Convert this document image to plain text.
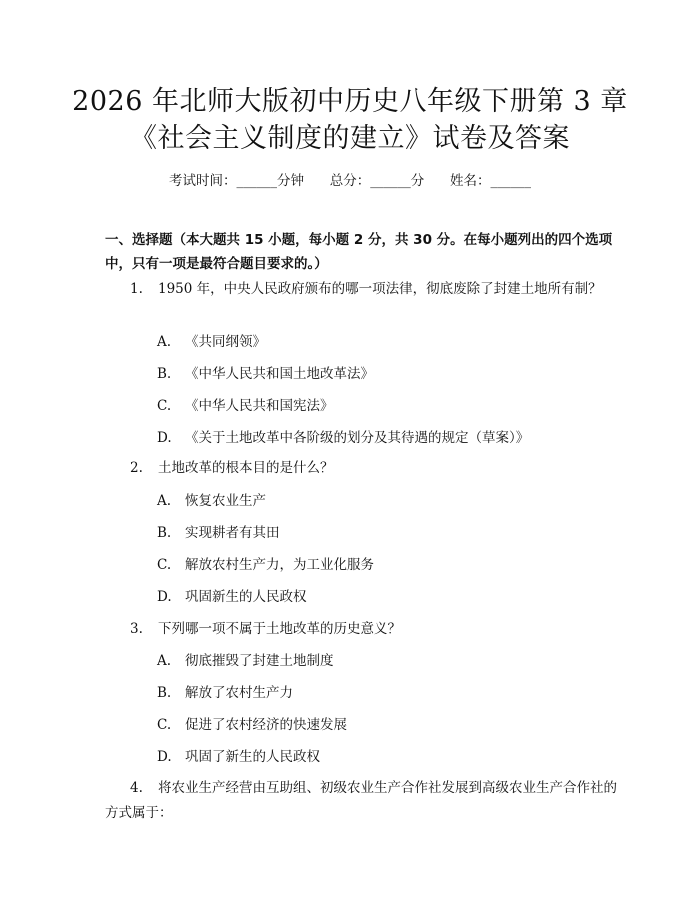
2026 年北师大版初中历史八年级下册第 3 章
《社会主义制度的建立》试卷及答案
考试时间：______分钟      总分：______分      姓名：______
一、选择题（本大题共 15 小题，每小题 2 分，共 30 分。在每小题列出的四个选项中，只有一项是最符合题目要求的。）
1. 1950 年，中央人民政府颁布的哪一项法律，彻底废除了封建土地所有制？
A. 《共同纲领》
B. 《中华人民共和国土地改革法》
C. 《中华人民共和国宪法》
D. 《关于土地改革中各阶级的划分及其待遇的规定（草案）》
2. 土地改革的根本目的是什么？
A. 恢复农业生产
B. 实现耕者有其田
C. 解放农村生产力，为工业化服务
D. 巩固新生的人民政权
3. 下列哪一项不属于土地改革的历史意义？
A. 彻底摧毁了封建土地制度
B. 解放了农村生产力
C. 促进了农村经济的快速发展
D. 巩固了新生的人民政权
4. 将农业生产经营由互助组、初级农业生产合作社发展到高级农业生产合作社的方式属于：
